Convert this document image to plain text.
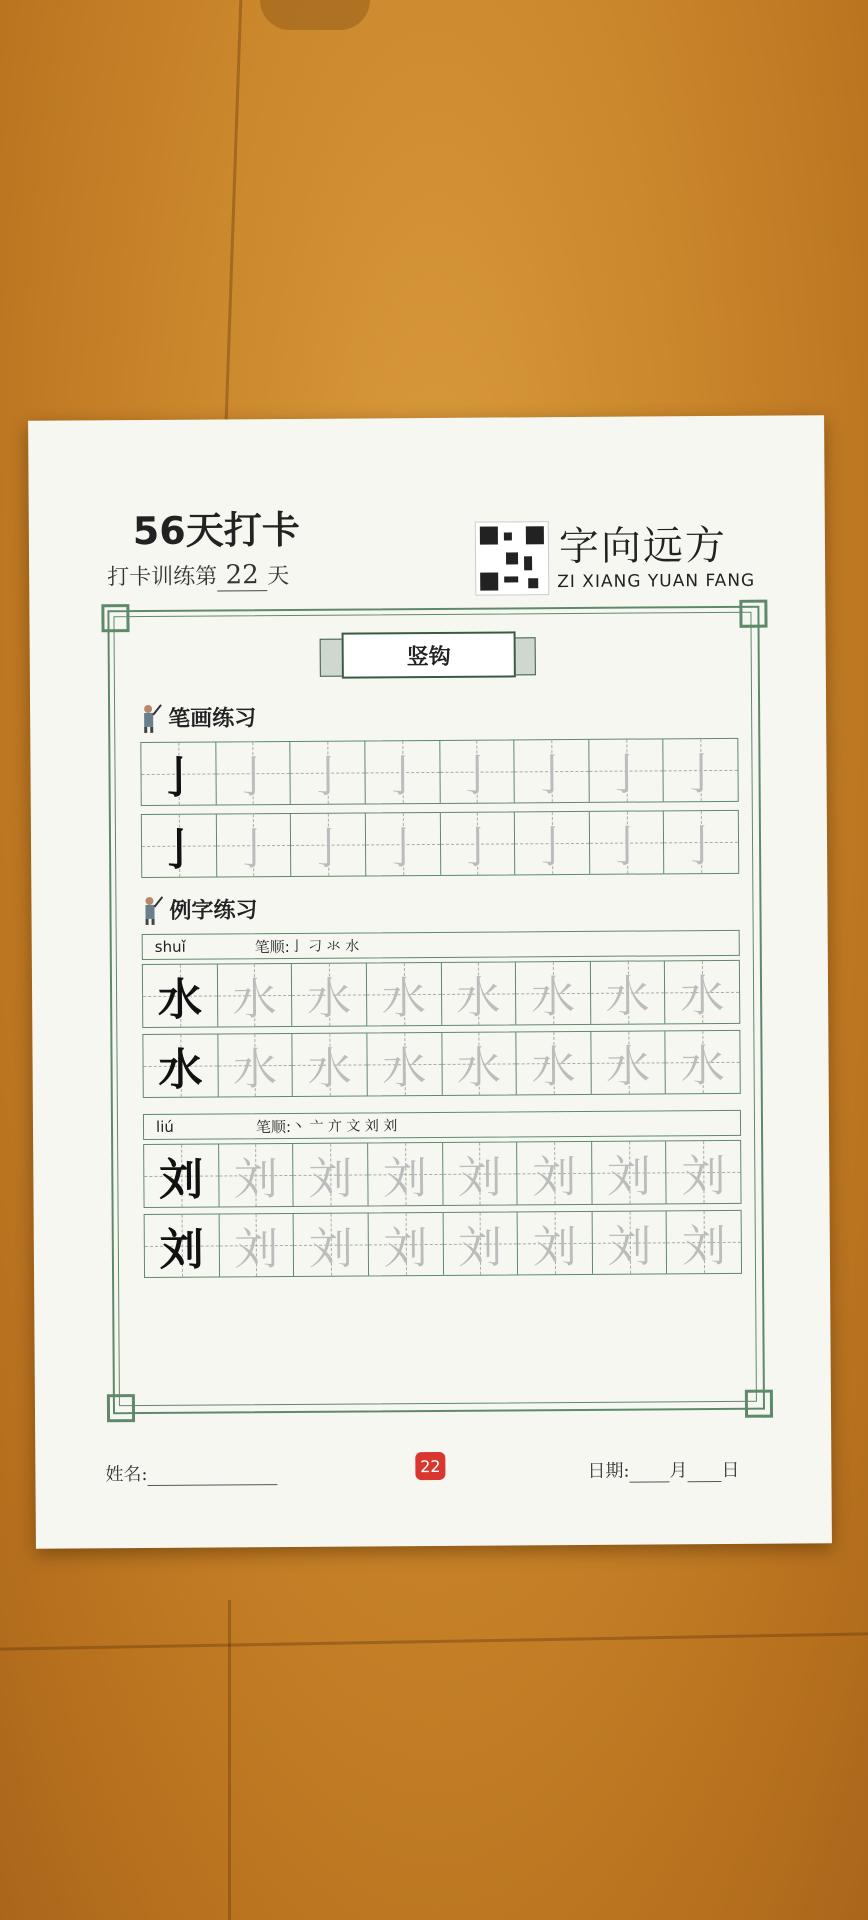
56天打卡
打卡训练第 22 天
字向远方
ZI XIANG YUAN FANG
竖钩
笔画练习
亅 亅 亅 亅 亅 亅 亅 亅
亅 亅 亅 亅 亅 亅 亅 亅
例字练习
shuǐ	笔顺: 亅 刁 氺 水
水 水 水 水 水 水 水 水
水 水 水 水 水 水 水 水
liú	笔顺: 丶 亠 亣 文 刘 刘
刘 刘 刘 刘 刘 刘 刘 刘
刘 刘 刘 刘 刘 刘 刘 刘
姓名:	22	日期: 月 日
